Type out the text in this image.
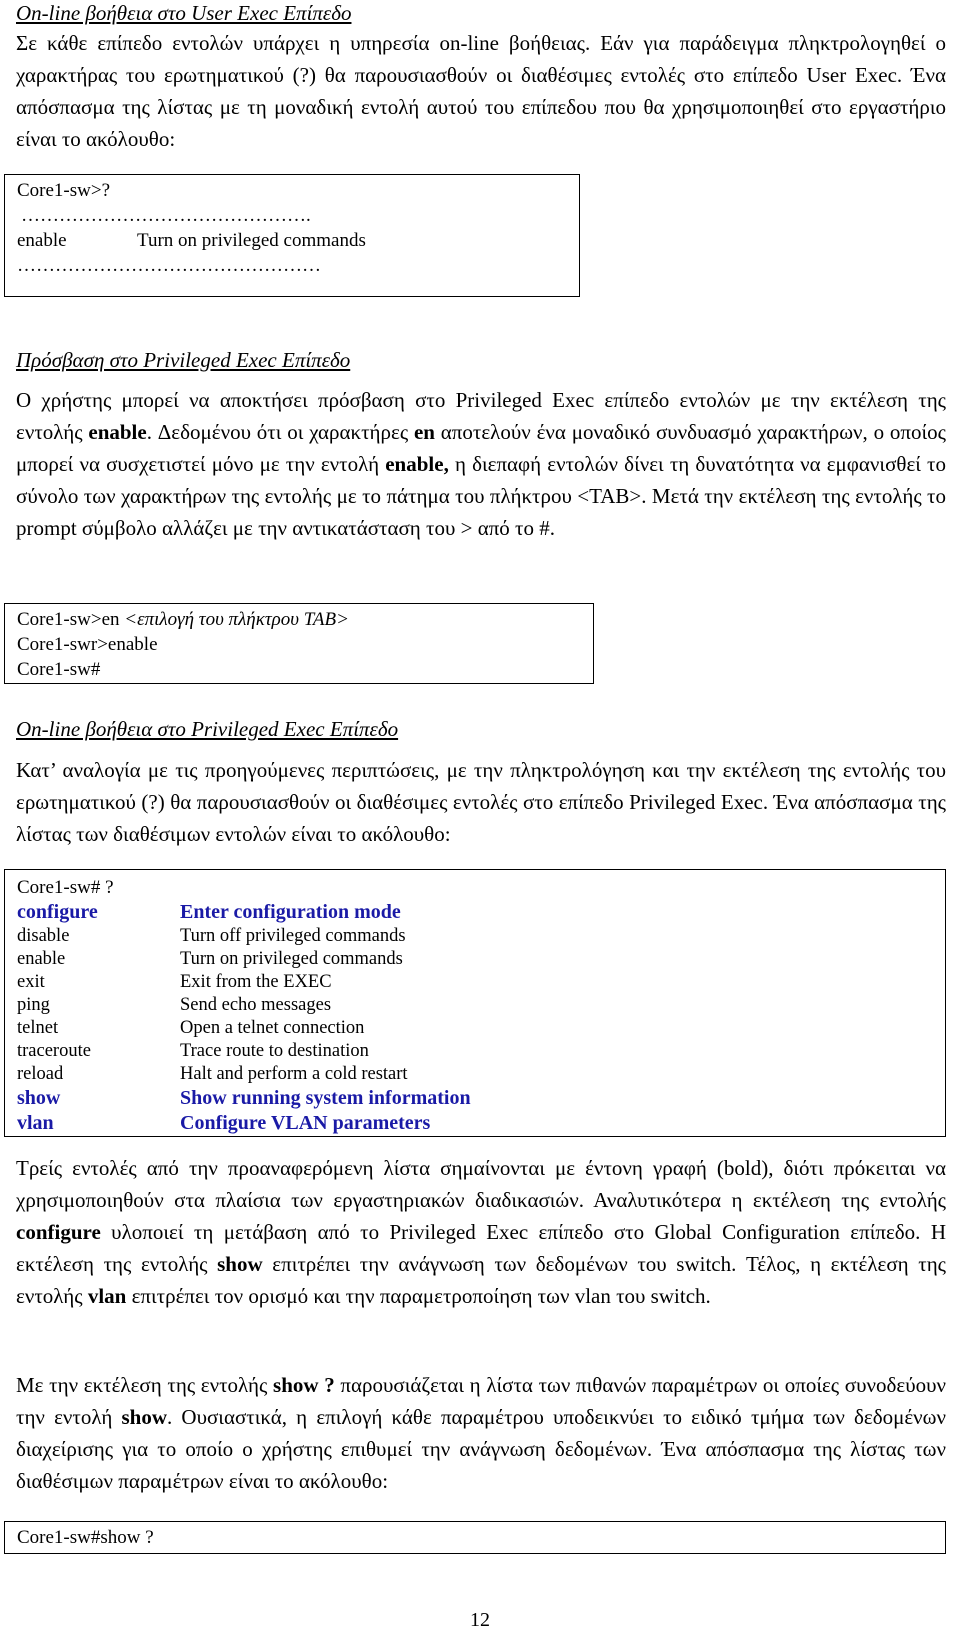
On-line βοήθεια στο User Exec Επίπεδο
Σε κάθε επίπεδο εντολών υπάρχει η υπηρεσία on-line βοήθειας. Εάν για παράδειγμα πληκτρολογηθεί ο χαρακτήρας του ερωτηματικού (?) θα παρουσιασθούν οι διαθέσιμες εντολές στο επίπεδο User Exec. Ένα απόσπασμα της λίστας με τη μοναδική εντολή αυτού του επίπεδου που θα χρησιμοποιηθεί στο εργαστήριο είναι το ακόλουθο:
Core1-sw>?
……………………………………….
enable	Turn on privileged commands
…………………………………………
Πρόσβαση στο Privileged Exec Επίπεδο
Ο χρήστης μπορεί να αποκτήσει πρόσβαση στο Privileged Exec επίπεδο εντολών με την εκτέλεση της εντολής enable. Δεδομένου ότι οι χαρακτήρες en αποτελούν ένα μοναδικό συνδυασμό χαρακτήρων, ο οποίος μπορεί να συσχετιστεί μόνο με την εντολή enable, η διεπαφή εντολών δίνει τη δυνατότητα να εμφανισθεί το σύνολο των χαρακτήρων της εντολής με το πάτημα του πλήκτρου <TAB>. Μετά την εκτέλεση της εντολής το prompt σύμβολο αλλάζει με την αντικατάσταση του > από το #.
Core1-sw>en <επιλογή του πλήκτρου TAB>
Core1-swr>enable
Core1-sw#
On-line βοήθεια στο Privileged Exec Επίπεδο
Κατ’ αναλογία με τις προηγούμενες περιπτώσεις, με την πληκτρολόγηση και την εκτέλεση της εντολής του ερωτηματικού (?) θα παρουσιασθούν οι διαθέσιμες εντολές στο επίπεδο Privileged Exec. Ένα απόσπασμα της λίστας των διαθέσιμων εντολών είναι το ακόλουθο:
Core1-sw# ?
configure	Enter configuration mode
disable	Turn off privileged commands
enable	Turn on privileged commands
exit	Exit from the EXEC
ping	Send echo messages
telnet	Open a telnet connection
traceroute	Trace route to destination
reload	Halt and perform a cold restart
show	Show running system information
vlan	Configure VLAN parameters
Τρείς εντολές από την προαναφερόμενη λίστα σημαίνονται με έντονη γραφή (bold), διότι πρόκειται να χρησιμοποιηθούν στα πλαίσια των εργαστηριακών διαδικασιών. Αναλυτικότερα η εκτέλεση της εντολής configure υλοποιεί τη μετάβαση από το Privileged Exec επίπεδο στο Global Configuration επίπεδο. Η εκτέλεση της εντολής show επιτρέπει την ανάγνωση των δεδομένων του switch. Τέλος, η εκτέλεση της εντολής vlan επιτρέπει τον ορισμό και την παραμετροποίηση των vlan του switch.
Με την εκτέλεση της εντολής show ? παρουσιάζεται η λίστα των πιθανών παραμέτρων οι οποίες συνοδεύουν την εντολή show. Ουσιαστικά, η επιλογή κάθε παραμέτρου υποδεικνύει το ειδικό τμήμα των δεδομένων διαχείρισης για το οποίο ο χρήστης επιθυμεί την ανάγνωση δεδομένων. Ένα απόσπασμα της λίστας των διαθέσιμων παραμέτρων είναι το ακόλουθο:
Core1-sw#show ?
12
